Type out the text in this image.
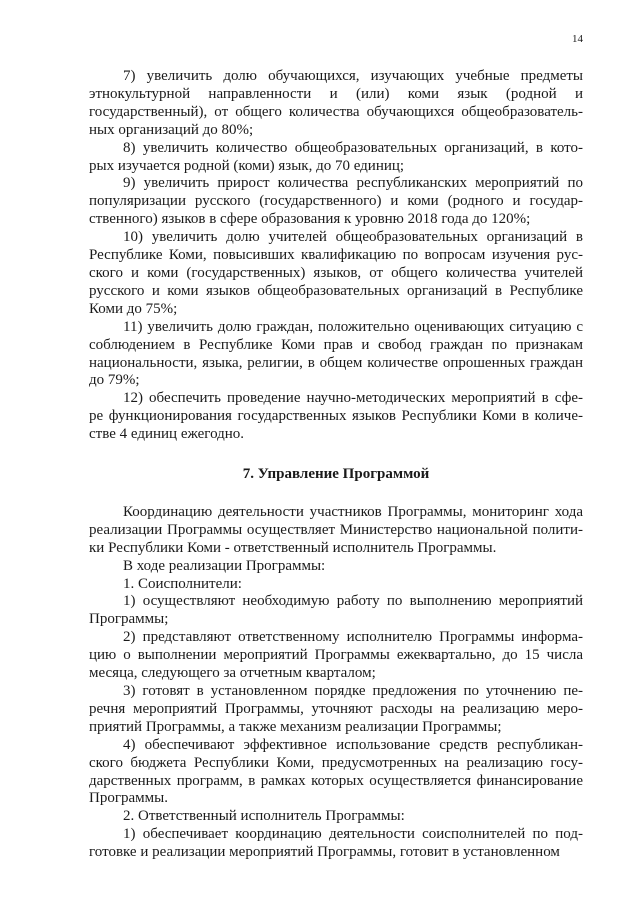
14

7) увеличить долю обучающихся, изучающих учебные предметы этнокультурной направленности и (или) коми язык (родной и государственный), от общего количества обучающихся общеобразователь-ных организаций до 80%;

8) увеличить количество общеобразовательных организаций, в кото-рых изучается родной (коми) язык, до 70 единиц;

9) увеличить прирост количества республиканских мероприятий по популяризации русского (государственного) и коми (родного и государ-ственного) языков в сфере образования к уровню 2018 года до 120%;

10) увеличить долю учителей общеобразовательных организаций в Республике Коми, повысивших квалификацию по вопросам изучения рус-ского и коми (государственных) языков, от общего количества учителей русского и коми языков общеобразовательных организаций в Республике Коми до 75%;

11) увеличить долю граждан, положительно оценивающих ситуацию с соблюдением в Республике Коми прав и свобод граждан по признакам национальности, языка, религии, в общем количестве опрошенных граждан до 79%;

12) обеспечить проведение научно-методических мероприятий в сфе-ре функционирования государственных языков Республики Коми в количе-стве 4 единиц ежегодно.

7. Управление Программой

Координацию деятельности участников Программы, мониторинг хода реализации Программы осуществляет Министерство национальной полити-ки Республики Коми - ответственный исполнитель Программы.

В ходе реализации Программы:

1. Соисполнители:

1) осуществляют необходимую работу по выполнению мероприятий Программы;

2) представляют ответственному исполнителю Программы информа-цию о выполнении мероприятий Программы ежеквартально, до 15 числа месяца, следующего за отчетным кварталом;

3) готовят в установленном порядке предложения по уточнению пе-речня мероприятий Программы, уточняют расходы на реализацию меро-приятий Программы, а также механизм реализации Программы;

4) обеспечивают эффективное использование средств республикан-ского бюджета Республики Коми, предусмотренных на реализацию госу-дарственных программ, в рамках которых осуществляется финансирование Программы.

2. Ответственный исполнитель Программы:

1) обеспечивает координацию деятельности соисполнителей по под-готовке и реализации мероприятий Программы, готовит в установленном
